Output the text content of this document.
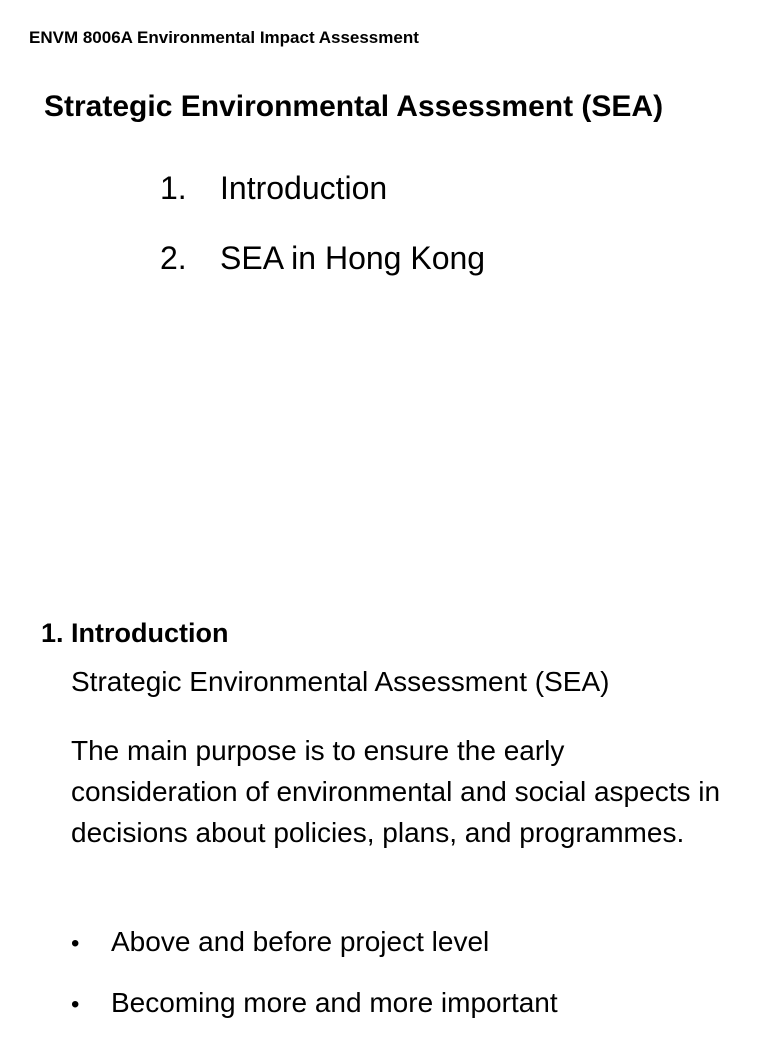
ENVM 8006A Environmental Impact Assessment
Strategic Environmental Assessment (SEA)
1. Introduction
2. SEA in Hong Kong
1. Introduction
Strategic Environmental Assessment (SEA)

The main purpose is to ensure the early consideration of environmental and social aspects in decisions about policies, plans, and programmes.

• Above and before project level
• Becoming more and more important
